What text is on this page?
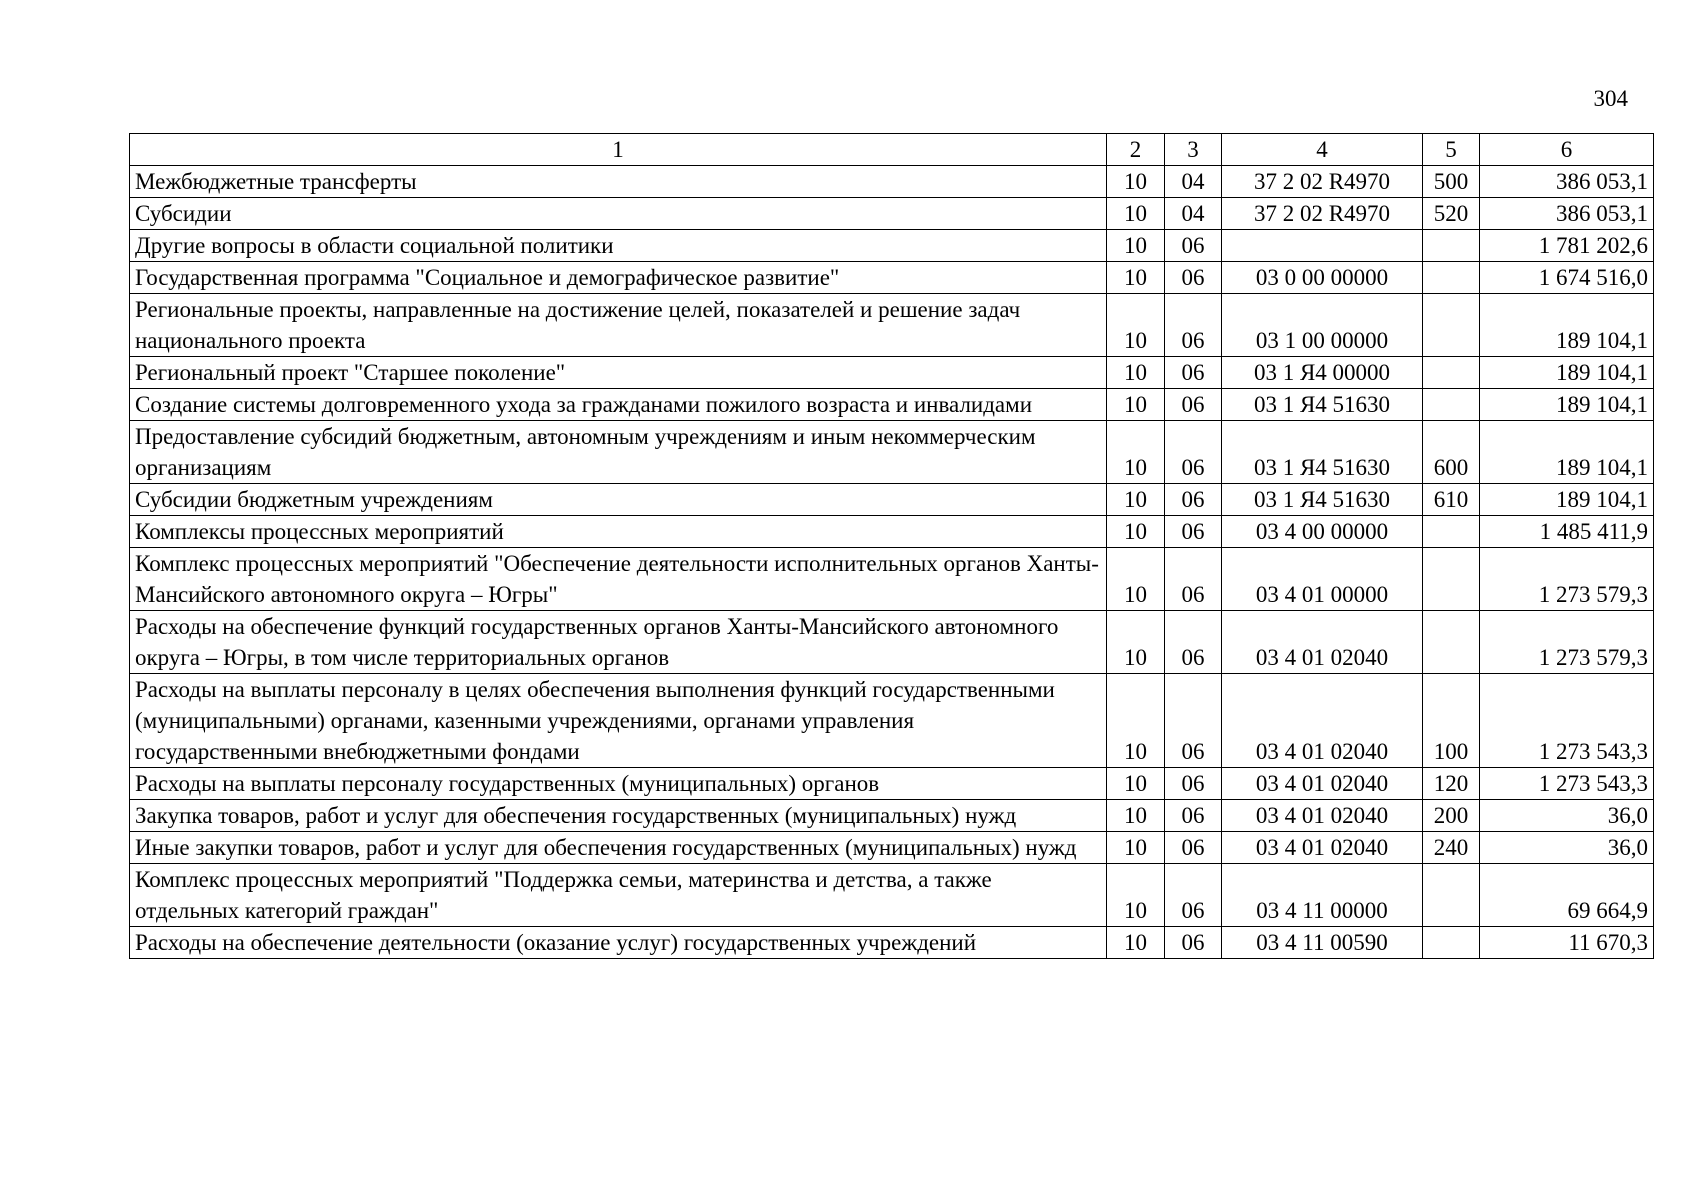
304
1	2	3	4	5	6
Межбюджетные трансферты	10	04	37 2 02 R4970	500	386 053,1
Субсидии	10	04	37 2 02 R4970	520	386 053,1
Другие вопросы в области социальной политики	10	06			1 781 202,6
Государственная программа "Социальное и демографическое развитие"	10	06	03 0 00 00000		1 674 516,0
Региональные проекты, направленные на достижение целей, показателей и решение задач национального проекта	10	06	03 1 00 00000		189 104,1
Региональный проект "Старшее поколение"	10	06	03 1 Я4 00000		189 104,1
Создание системы долговременного ухода за гражданами пожилого возраста и инвалидами	10	06	03 1 Я4 51630		189 104,1
Предоставление субсидий бюджетным, автономным учреждениям и иным некоммерческим организациям	10	06	03 1 Я4 51630	600	189 104,1
Субсидии бюджетным учреждениям	10	06	03 1 Я4 51630	610	189 104,1
Комплексы процессных мероприятий	10	06	03 4 00 00000		1 485 411,9
Комплекс процессных мероприятий "Обеспечение деятельности исполнительных органов Ханты-Мансийского автономного округа – Югры"	10	06	03 4 01 00000		1 273 579,3
Расходы на обеспечение функций государственных органов Ханты-Мансийского автономного округа – Югры, в том числе территориальных органов	10	06	03 4 01 02040		1 273 579,3
Расходы на выплаты персоналу в целях обеспечения выполнения функций государственными (муниципальными) органами, казенными учреждениями, органами управления государственными внебюджетными фондами	10	06	03 4 01 02040	100	1 273 543,3
Расходы на выплаты персоналу государственных (муниципальных) органов	10	06	03 4 01 02040	120	1 273 543,3
Закупка товаров, работ и услуг для обеспечения государственных (муниципальных) нужд	10	06	03 4 01 02040	200	36,0
Иные закупки товаров, работ и услуг для обеспечения государственных (муниципальных) нужд	10	06	03 4 01 02040	240	36,0
Комплекс процессных мероприятий "Поддержка семьи, материнства и детства, а также отдельных категорий граждан"	10	06	03 4 11 00000		69 664,9
Расходы на обеспечение деятельности (оказание услуг) государственных учреждений	10	06	03 4 11 00590		11 670,3
